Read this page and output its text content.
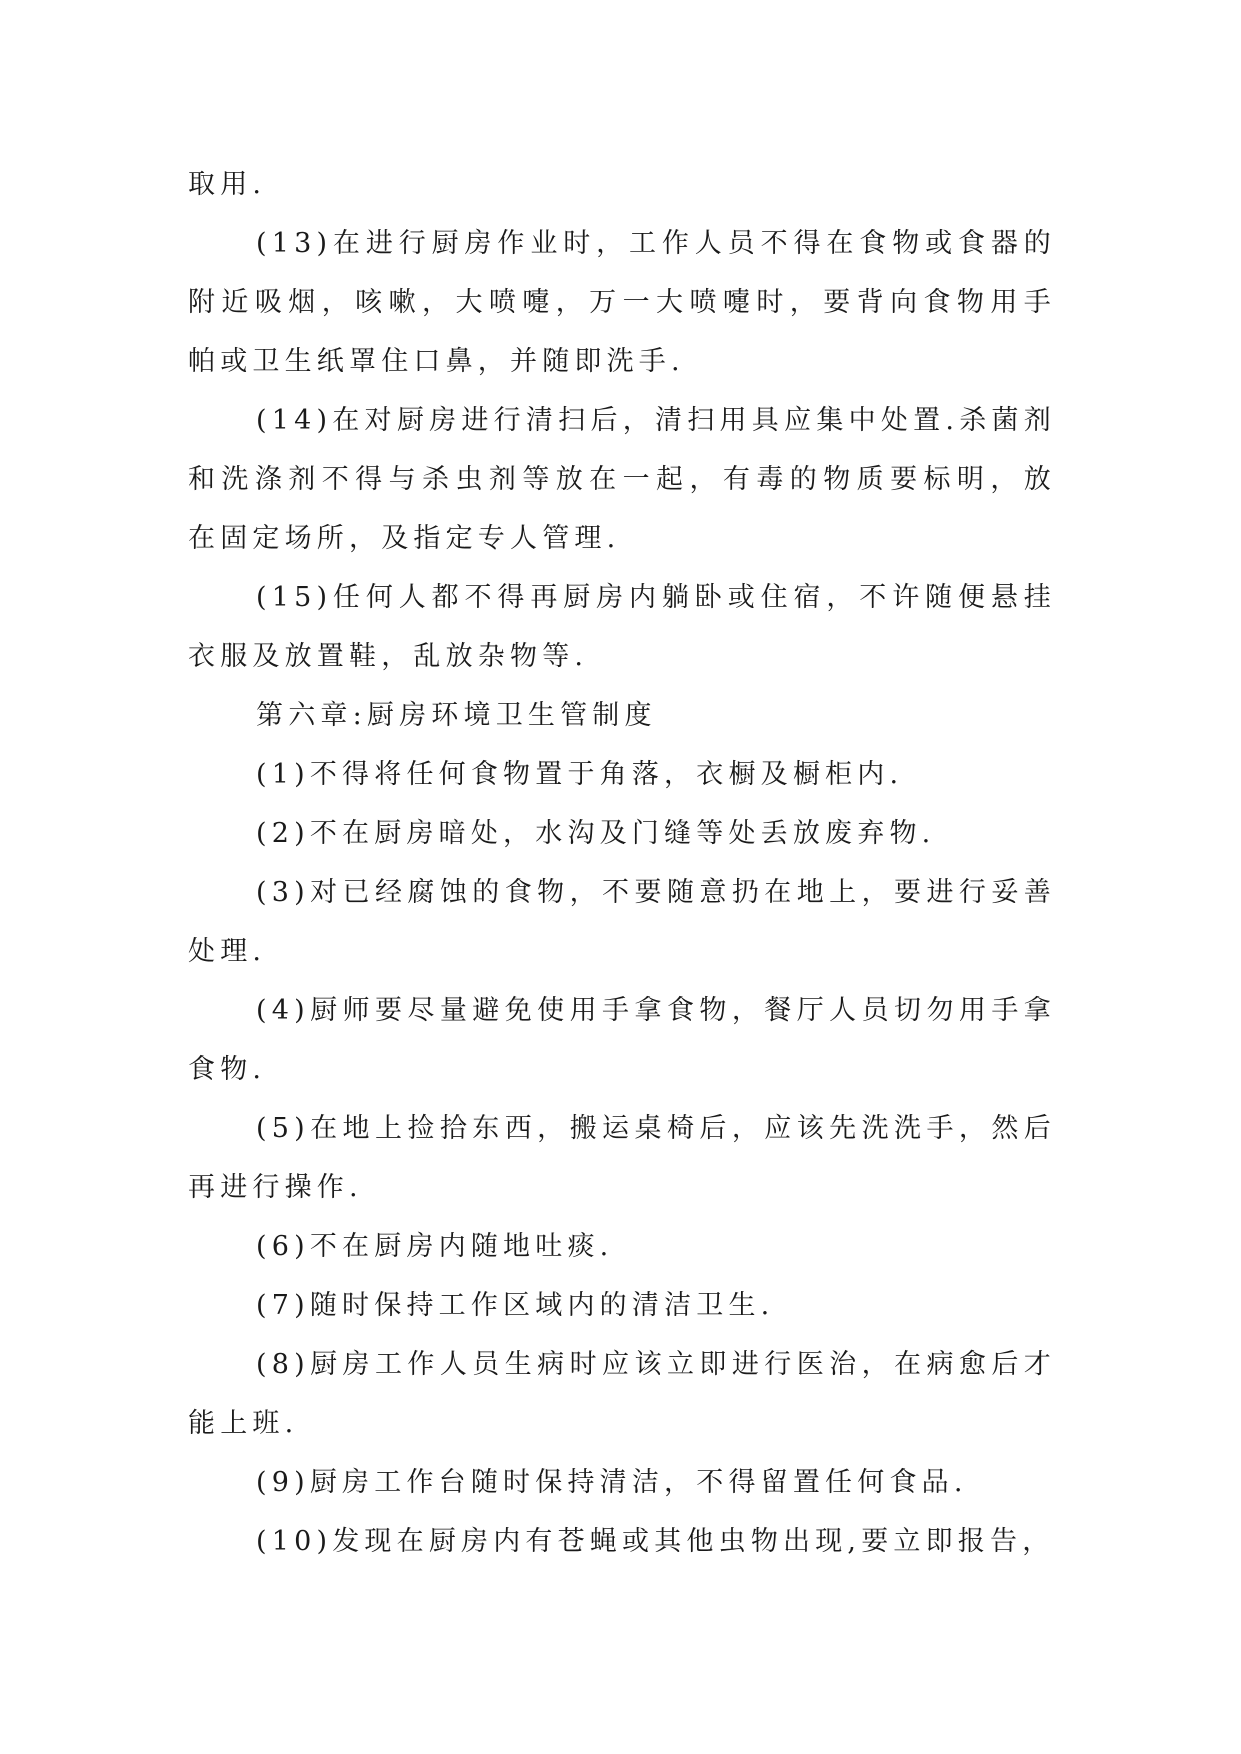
取用.

(13)在进行厨房作业时，工作人员不得在食物或食器的附近吸烟，咳嗽，大喷嚏，万一大喷嚏时，要背向食物用手帕或卫生纸罩住口鼻，并随即洗手.

(14)在对厨房进行清扫后，清扫用具应集中处置.杀菌剂和洗涤剂不得与杀虫剂等放在一起，有毒的物质要标明，放在固定场所，及指定专人管理.

(15)任何人都不得再厨房内躺卧或住宿，不许随便悬挂衣服及放置鞋，乱放杂物等.

第六章:厨房环境卫生管制度

(1)不得将任何食物置于角落，衣橱及橱柜内.

(2)不在厨房暗处，水沟及门缝等处丢放废弃物.

(3)对已经腐蚀的食物，不要随意扔在地上，要进行妥善处理.

(4)厨师要尽量避免使用手拿食物，餐厅人员切勿用手拿食物.

(5)在地上捡拾东西，搬运桌椅后，应该先洗洗手，然后再进行操作.

(6)不在厨房内随地吐痰.

(7)随时保持工作区域内的清洁卫生.

(8)厨房工作人员生病时应该立即进行医治，在病愈后才能上班.

(9)厨房工作台随时保持清洁，不得留置任何食品.

(10)发现在厨房内有苍蝇或其他虫物出现,要立即报告，
